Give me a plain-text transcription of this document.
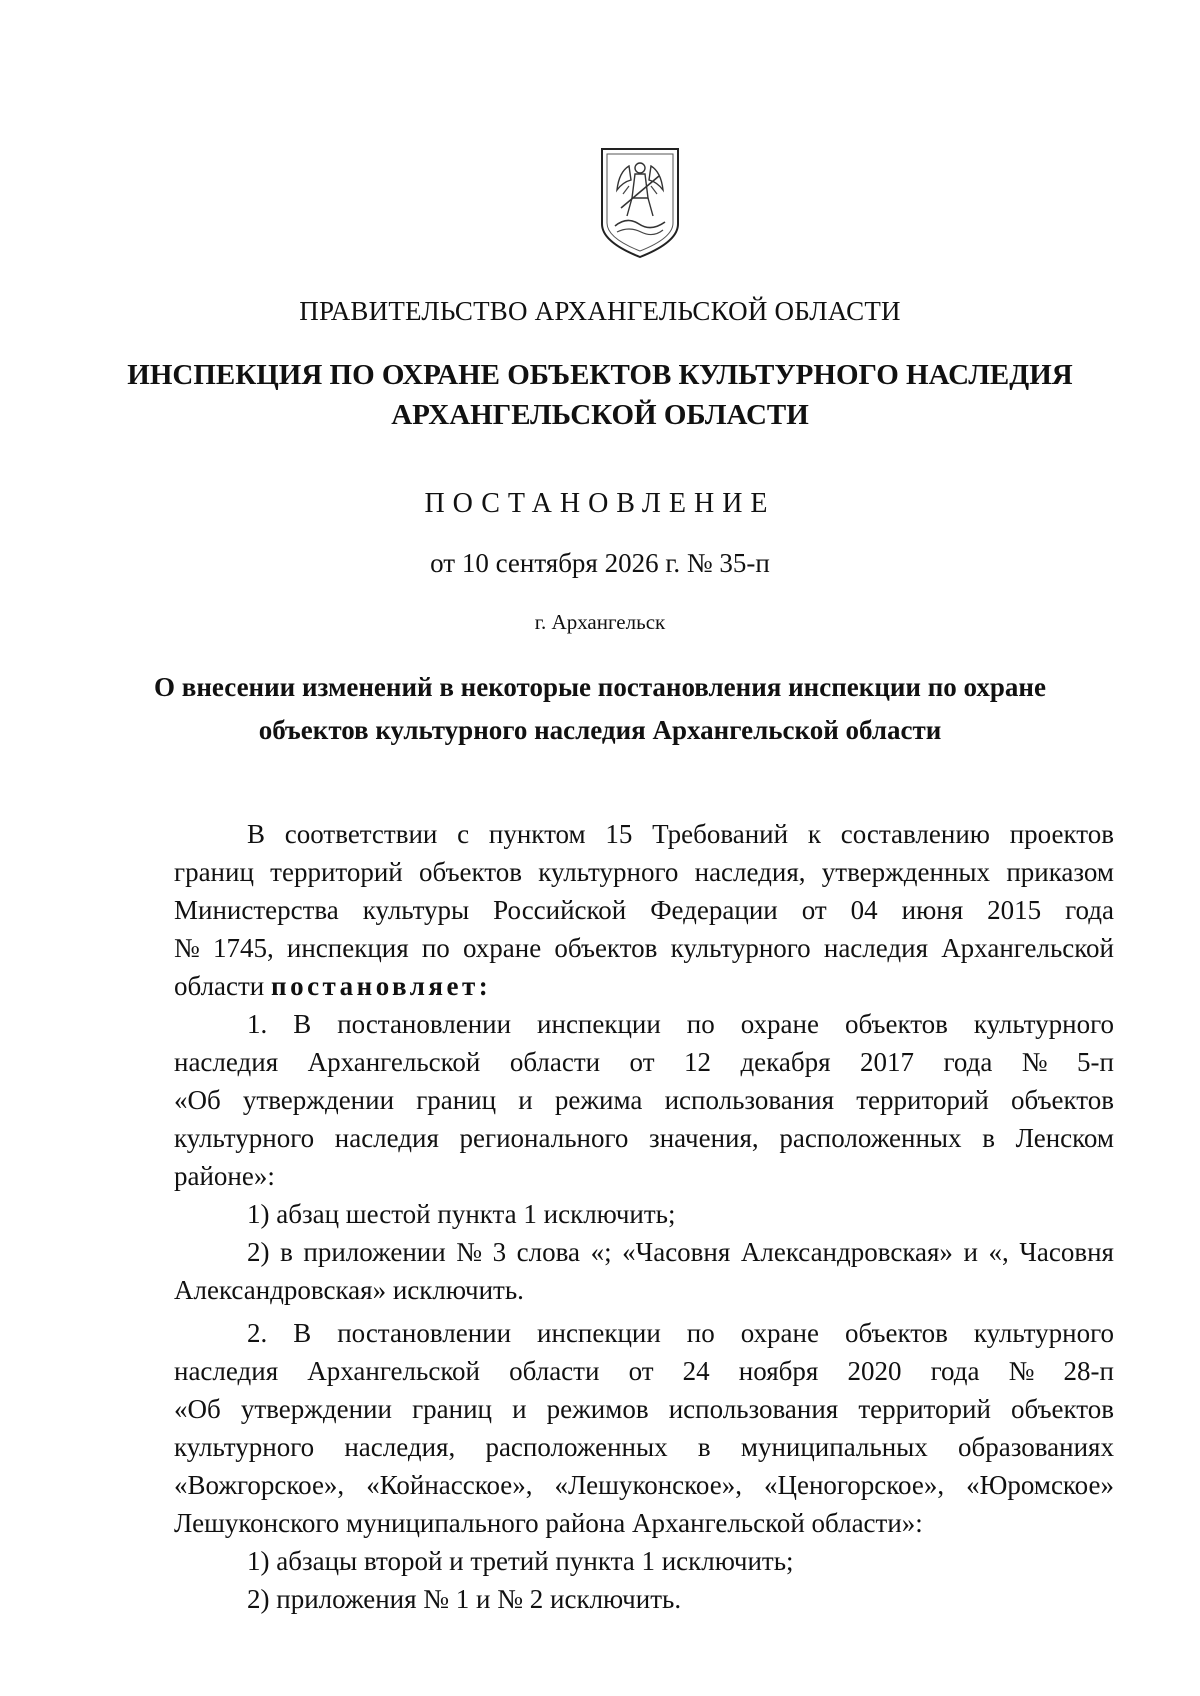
ПРАВИТЕЛЬСТВО АРХАНГЕЛЬСКОЙ ОБЛАСТИ
ИНСПЕКЦИЯ ПО ОХРАНЕ ОБЪЕКТОВ КУЛЬТУРНОГО НАСЛЕДИЯ
АРХАНГЕЛЬСКОЙ ОБЛАСТИ
ПОСТАНОВЛЕНИЕ
от 10 сентября 2026 г. № 35-п
г. Архангельск
О внесении изменений в некоторые постановления инспекции по охране
объектов культурного наследия Архангельской области
В соответствии с пунктом 15 Требований к составлению проектов
границ территорий объектов культурного наследия, утвержденных приказом
Министерства культуры Российской Федерации от 04 июня 2015 года
№ 1745, инспекция по охране объектов культурного наследия Архангельской
области постановляет:
1. В постановлении инспекции по охране объектов культурного
наследия Архангельской области от 12 декабря 2017 года № 5-п
«Об утверждении границ и режима использования территорий объектов
культурного наследия регионального значения, расположенных в Ленском
районе»:
1) абзац шестой пункта 1 исключить;
2) в приложении № 3 слова «; «Часовня Александровская» и «, Часовня
Александровская» исключить.
2. В постановлении инспекции по охране объектов культурного
наследия Архангельской области от 24 ноября 2020 года № 28-п
«Об утверждении границ и режимов использования территорий объектов
культурного наследия, расположенных в муниципальных образованиях
«Вожгорское», «Койнасское», «Лешуконское», «Ценогорское», «Юромское»
Лешуконского муниципального района Архангельской области»:
1) абзацы второй и третий пункта 1 исключить;
2) приложения № 1 и № 2 исключить.
